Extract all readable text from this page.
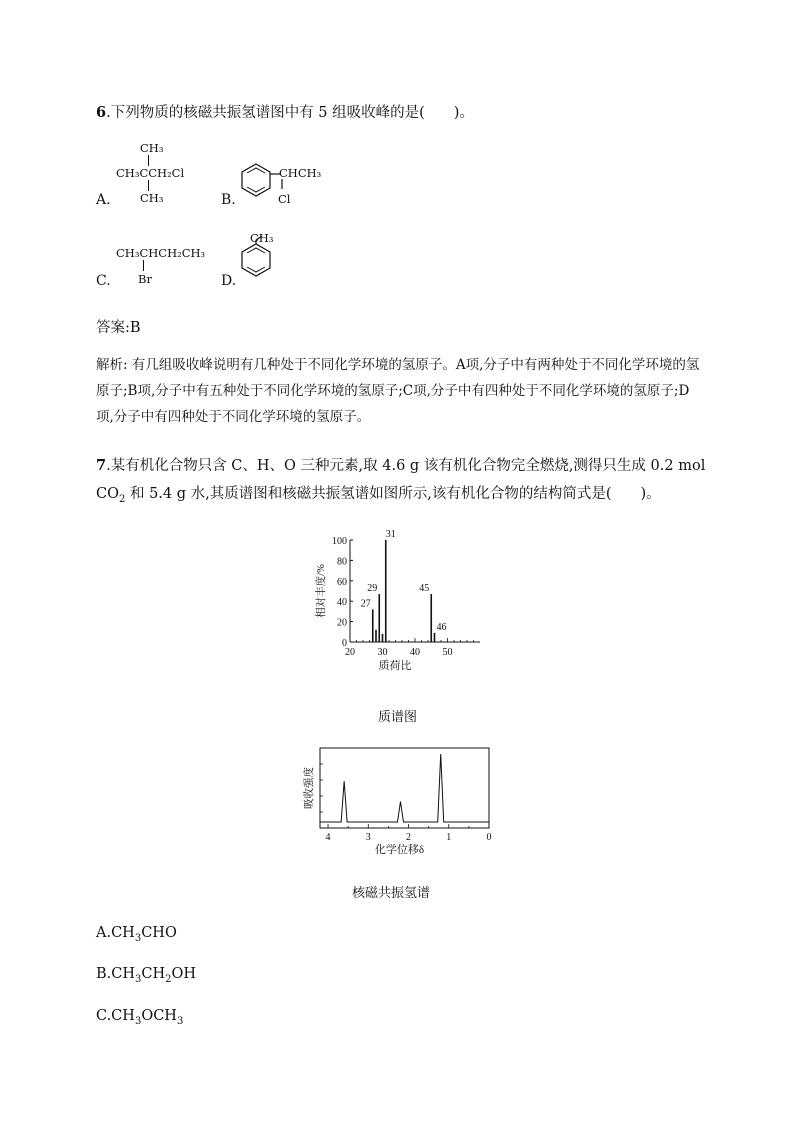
6.下列物质的核磁共振氢谱图中有 5 组吸收峰的是(　　)。
A.
CH₃
CH₃CCH₂Cl
CH₃	B.
CHCH₃
Cl
C.
CH₃CHCH₂CH₃
Br	D.
CH₃
答案:B
解析: 有几组吸收峰说明有几种处于不同化学环境的氢原子。A项,分子中有两种处于不同化学环境的氢原子;B项,分子中有五种处于不同化学环境的氢原子;C项,分子中有四种处于不同化学环境的氢原子;D项,分子中有四种处于不同化学环境的氢原子。
7.某有机化合物只含 C、H、O 三种元素,取 4.6 g 该有机化合物完全燃烧,测得只生成 0.2 mol
$CO_2$ 和 5.4 g 水,其质谱图和核磁共振氢谱如图所示,该有机化合物的结构简式是(　　)。
0
20
40
60
80
100
20 30 40 50
27
29
31
45
46
质荷比
相对丰度/%
质谱图
4	3	2	1	0
化学位移δ
吸收强度
核磁共振氢谱
$A.CH_3CHO$
$B.CH_3CH_2OH$
$C.CH_3OCH_3$
